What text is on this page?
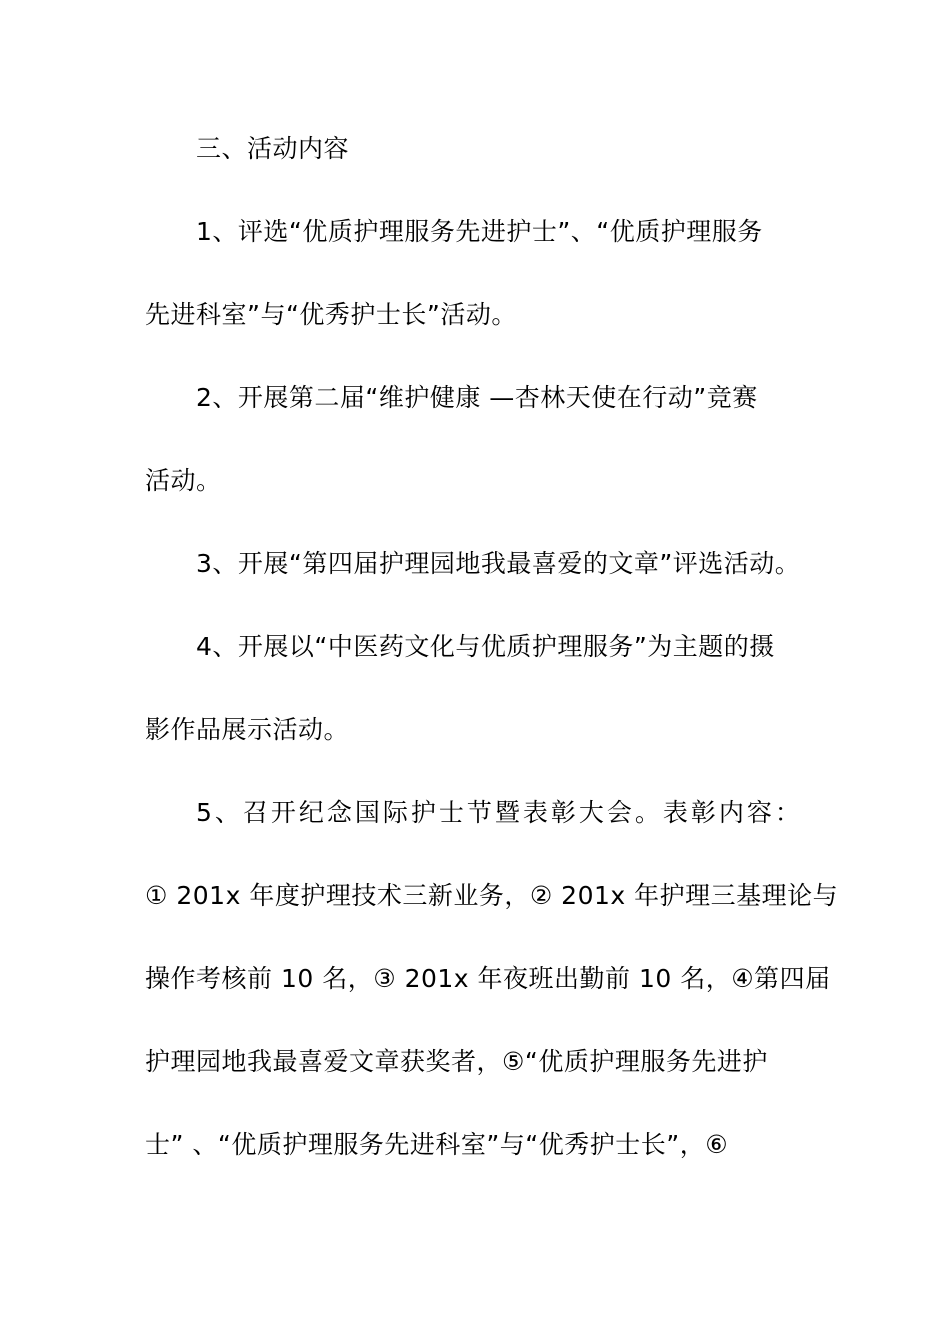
三、活动内容
1、评选“优质护理服务先进护士”、“优质护理服务
先进科室”与“优秀护士长”活动。
2、开展第二届“维护健康 —杏林天使在行动”竞赛
活动。
3、开展“第四届护理园地我最喜爱的文章”评选活动。
4、开展以“中医药文化与优质护理服务”为主题的摄
影作品展示活动。
5、召开纪念国际护士节暨表彰大会。表彰内容：
① 201x 年度护理技术三新业务，② 201x 年护理三基理论与
操作考核前 10 名，③ 201x 年夜班出勤前 10 名，④第四届
护理园地我最喜爱文章获奖者，⑤“优质护理服务先进护
士” 、“优质护理服务先进科室”与“优秀护士长”，⑥
